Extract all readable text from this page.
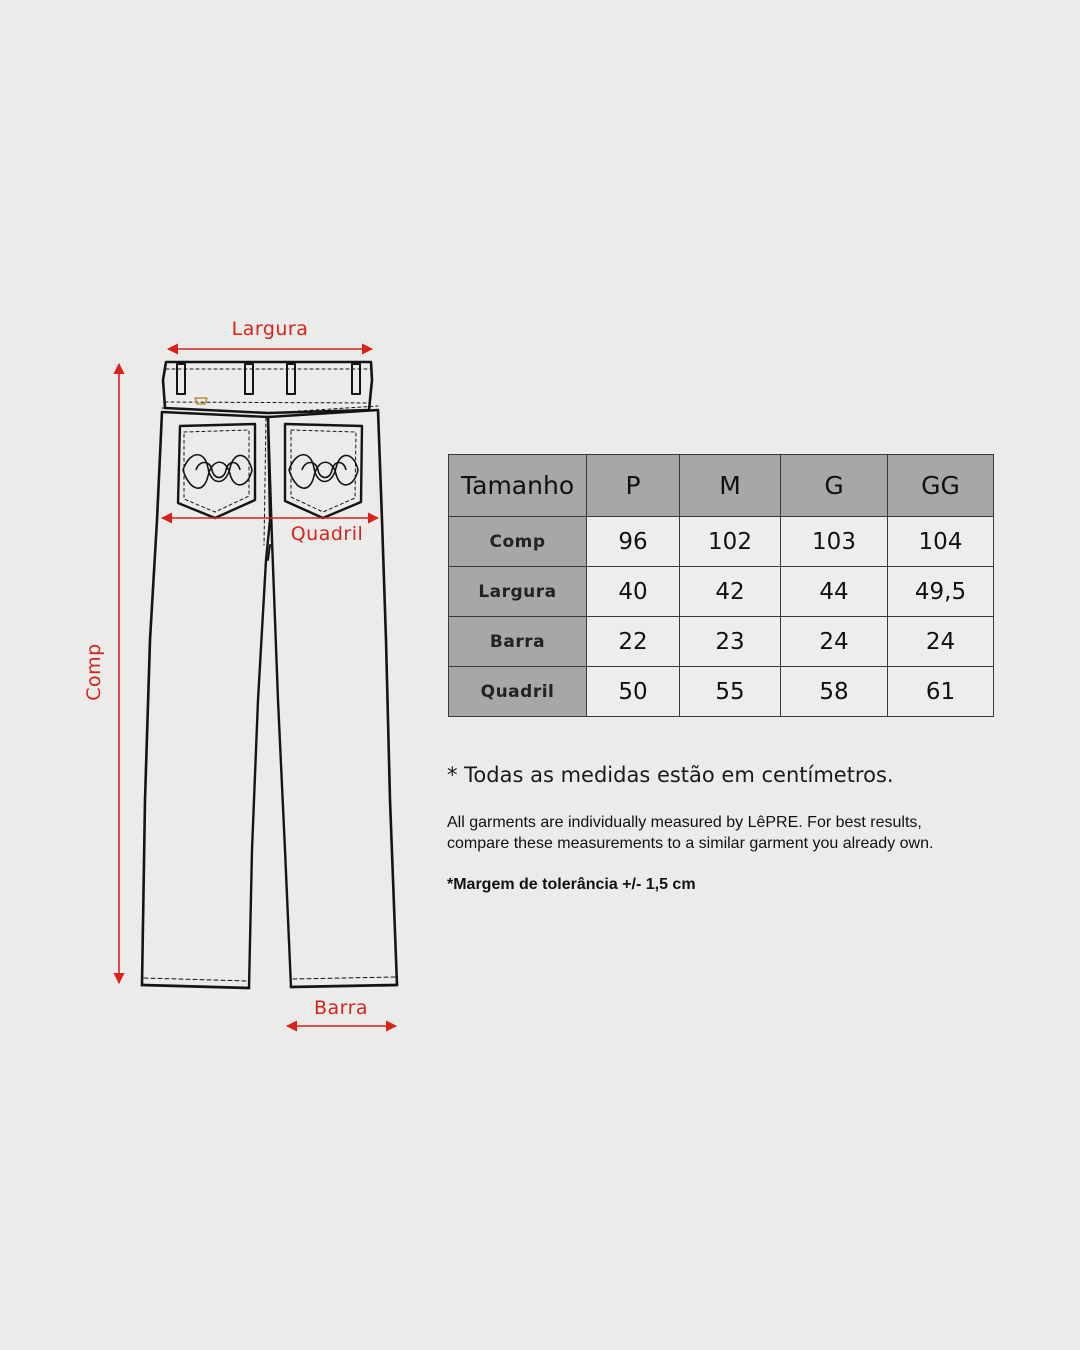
Largura
Quadril
Comp
Barra
Tamanho	P	M	G	GG
Comp	96	102	103	104
Largura	40	42	44	49,5
Barra	22	23	24	24
Quadril	50	55	58	61
* Todas as medidas estão em centímetros.
All garments are individually measured by LêPRE. For best results,
compare these measurements to a similar garment you already own.
*Margem de tolerância +/- 1,5 cm
